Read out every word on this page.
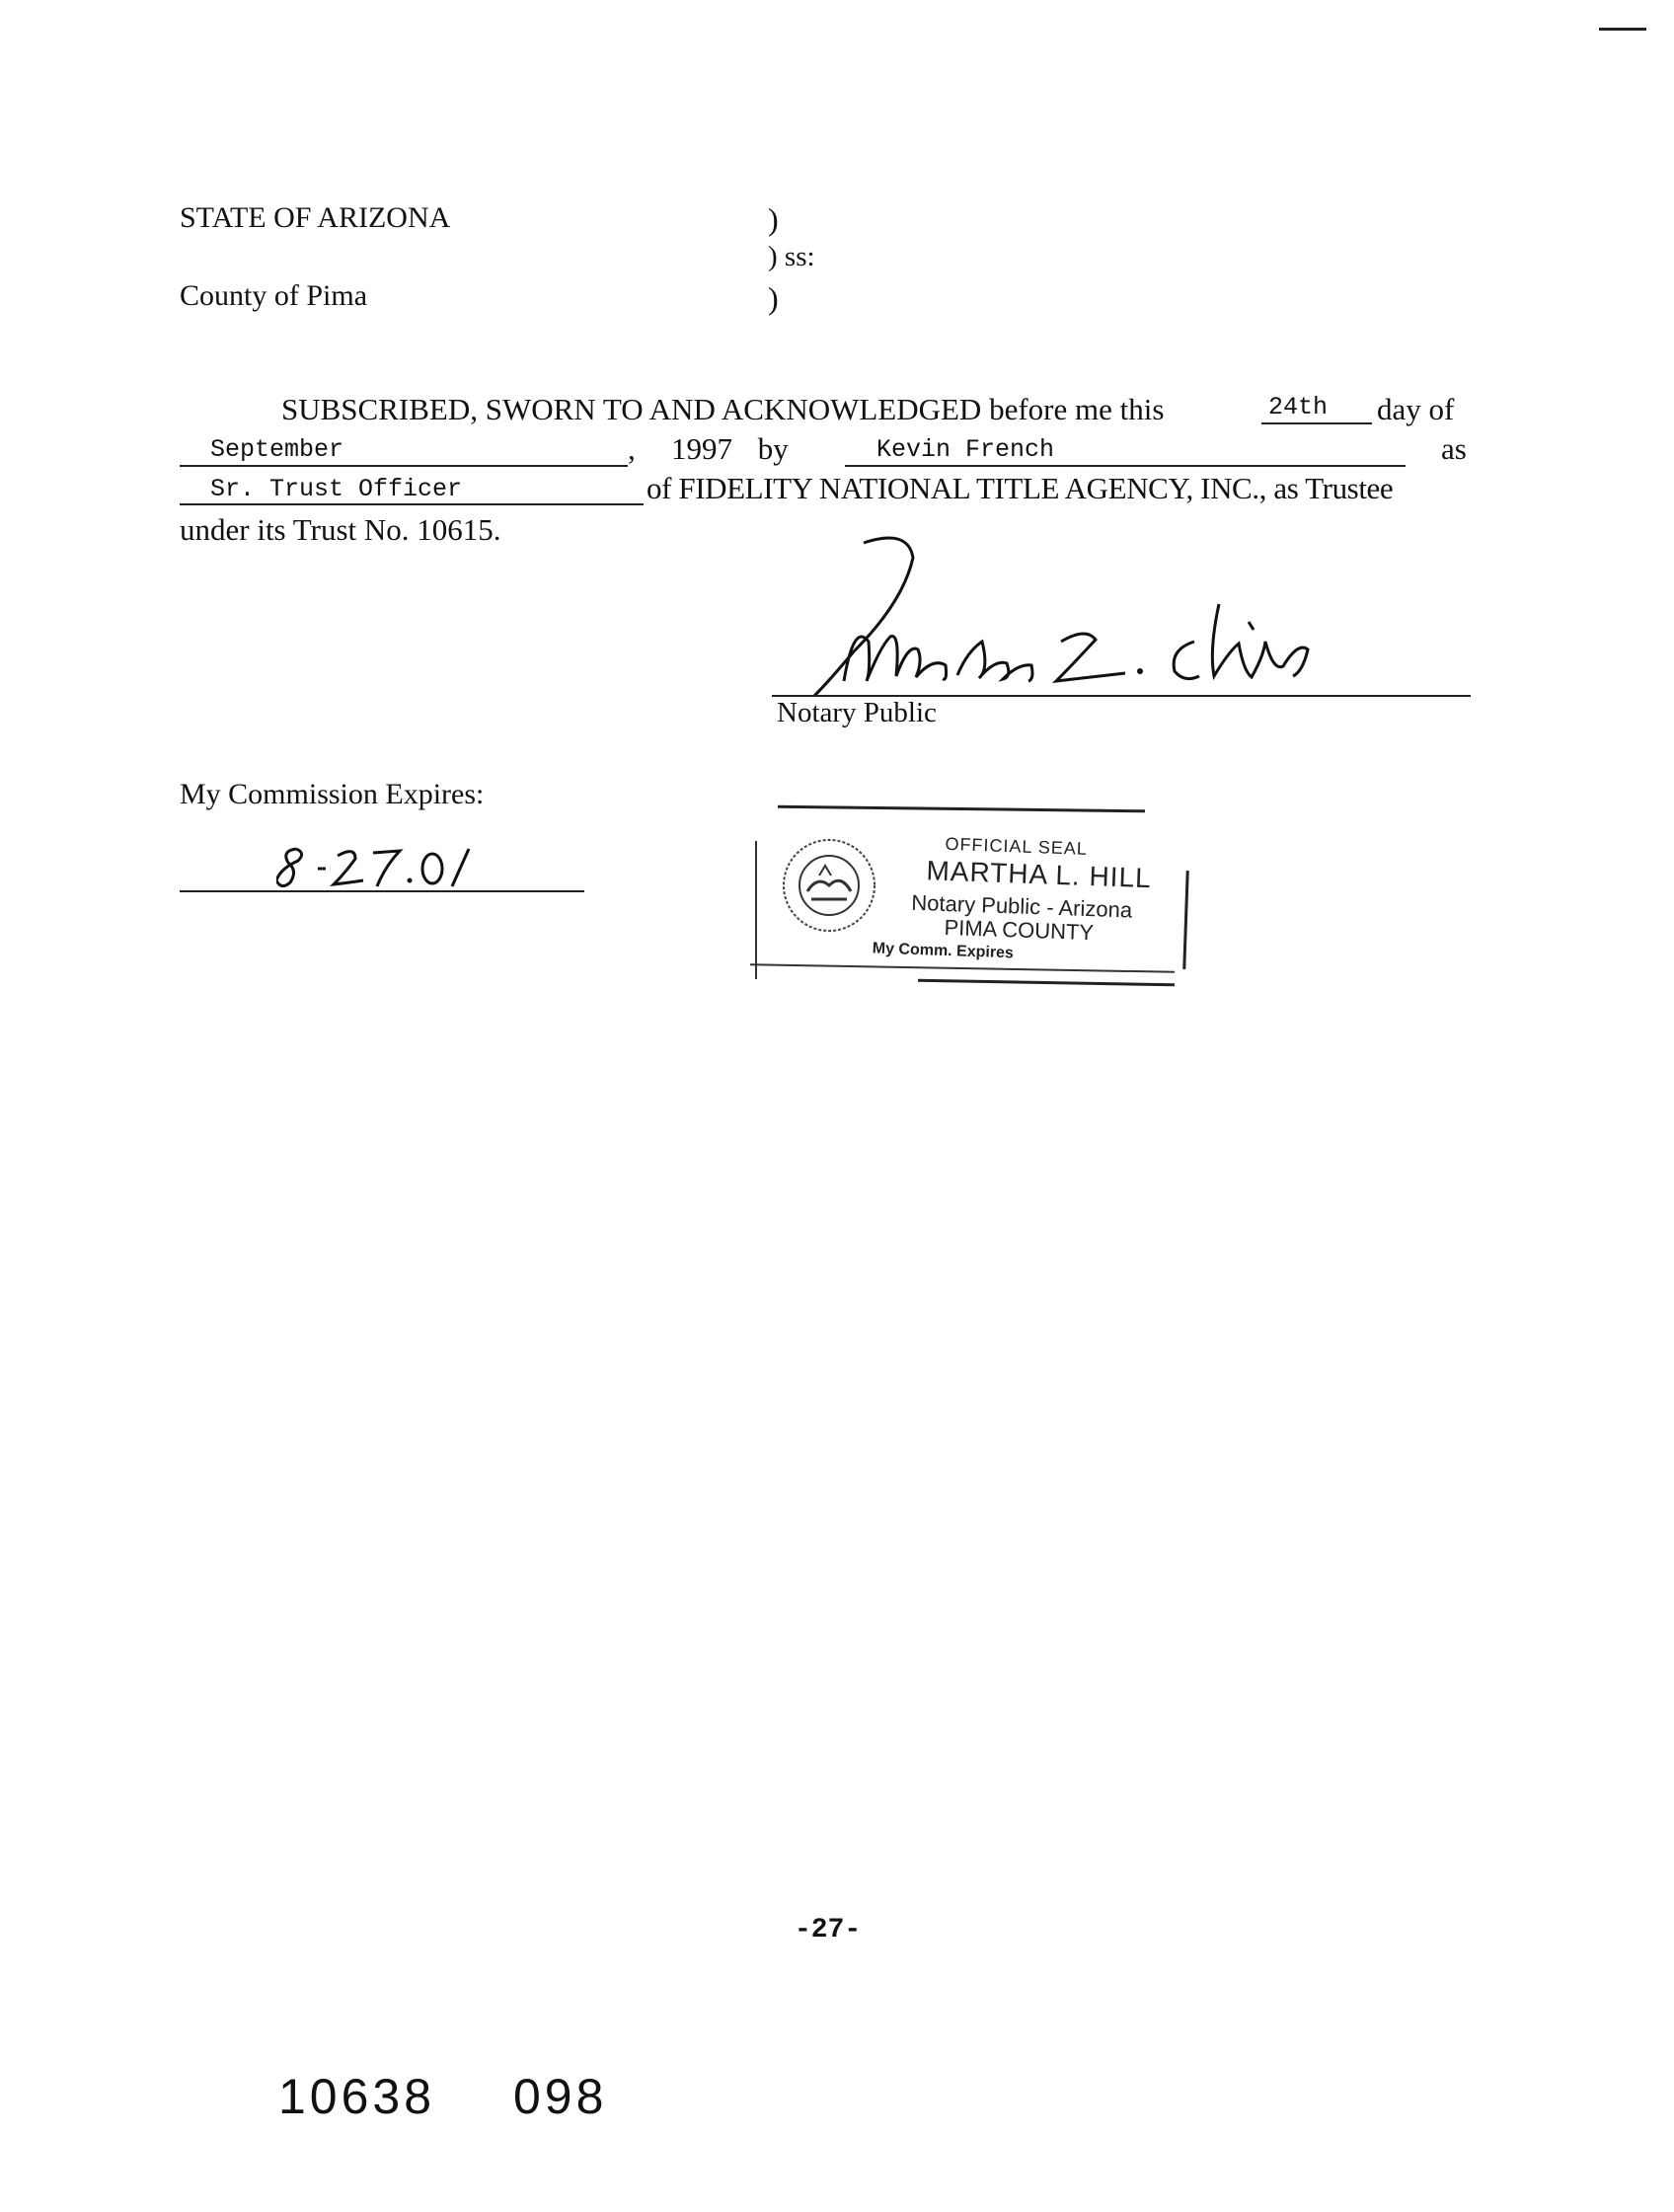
STATE OF ARIZONA
County of Pima
)
) ss:
)
SUBSCRIBED, SWORN TO AND ACKNOWLEDGED before me this	24th day of
September	, 1997 by	Kevin French	as
Sr. Trust Officer	of FIDELITY NATIONAL TITLE AGENCY, INC., as Trustee
under its Trust No. 10615.
Notary Public
My Commission Expires:
OFFICIAL SEAL
MARTHA L. HILL
Notary Public - Arizona
PIMA COUNTY
My Comm. Expires
-27-
10638 098
